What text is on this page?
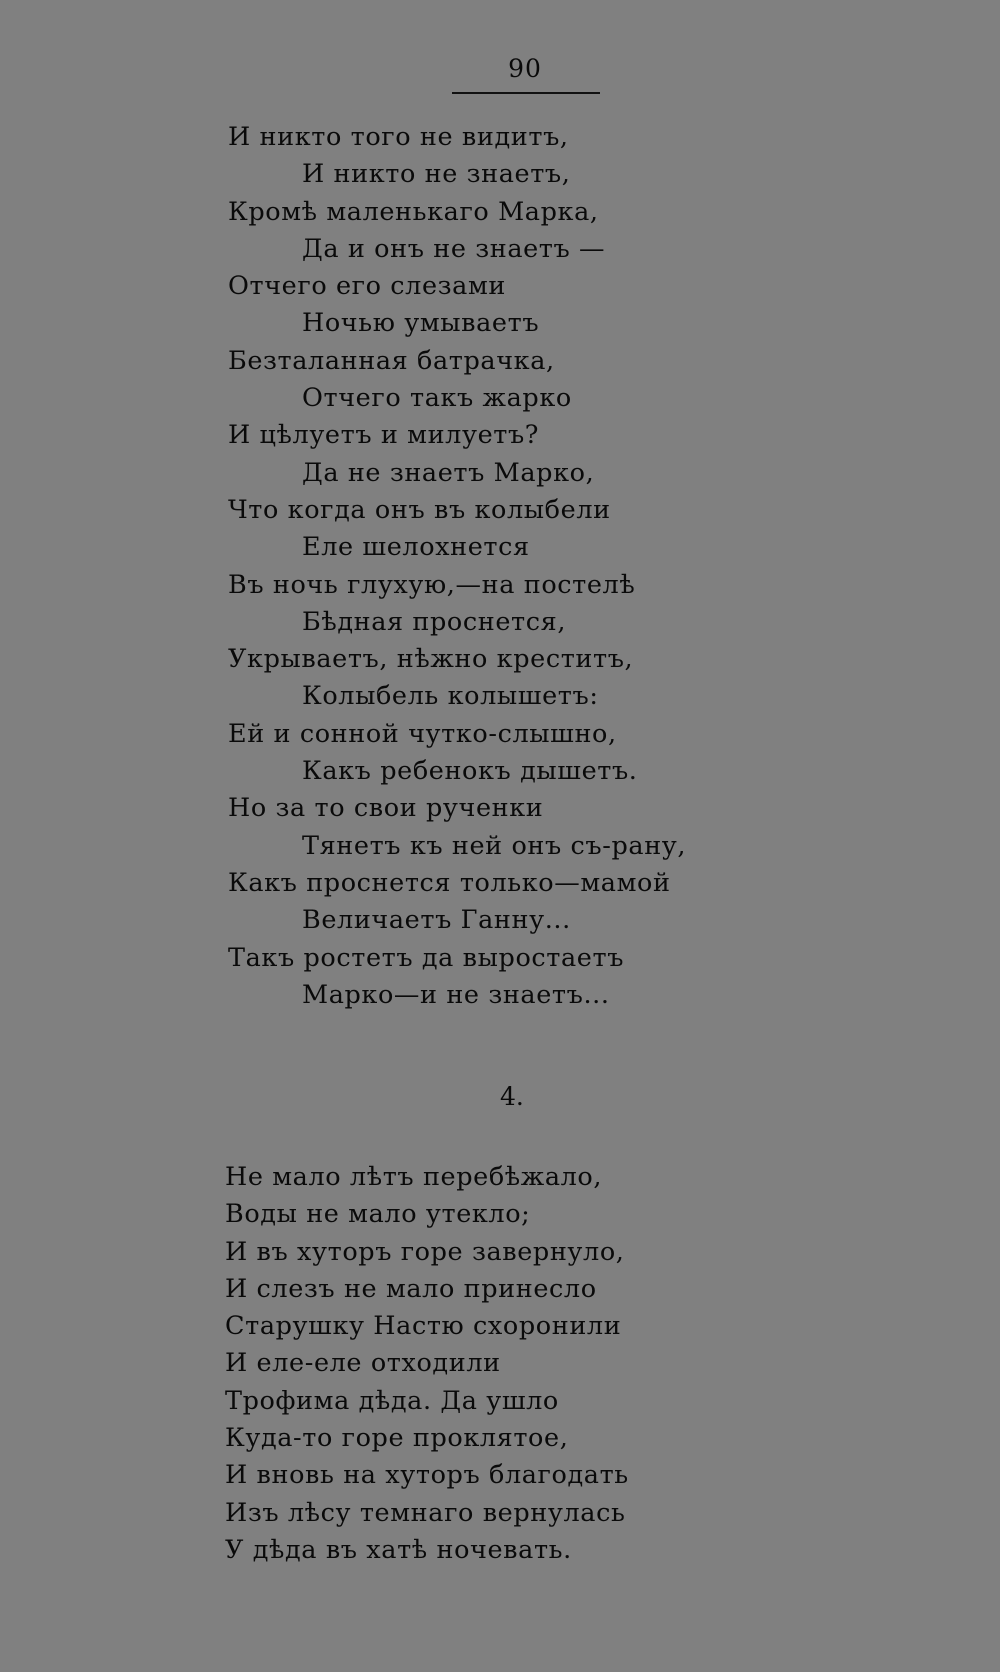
90
И никто того не видитъ,
И никто не знаетъ,
Кромѣ маленькаго Марка,
Да и онъ не знаетъ —
Отчего его слезами
Ночью умываетъ
Безталанная батрачка,
Отчего такъ жарко
И цѣлуетъ и милуетъ?
Да не знаетъ Марко,
Что когда онъ въ колыбели
Еле шелохнется
Въ ночь глухую,—на постелѣ
Бѣдная проснется,
Укрываетъ, нѣжно креститъ,
Колыбель колышетъ:
Ей и сонной чутко-слышно,
Какъ ребенокъ дышетъ.
Но за то свои рученки
Тянетъ къ ней онъ съ-рану,
Какъ проснется только—мамой
Величаетъ Ганну...
Такъ ростетъ да выростаетъ
Марко—и не знаетъ...
4.
Не мало лѣтъ перебѣжало,
Воды не мало утекло;
И въ хуторъ горе завернуло,
И слезъ не мало принесло
Старушку Настю схоронили
И еле-еле отходили
Трофима дѣда. Да ушло
Куда-то горе проклятое,
И вновь на хуторъ благодать
Изъ лѣсу темнаго вернулась
У дѣда въ хатѣ ночевать.
